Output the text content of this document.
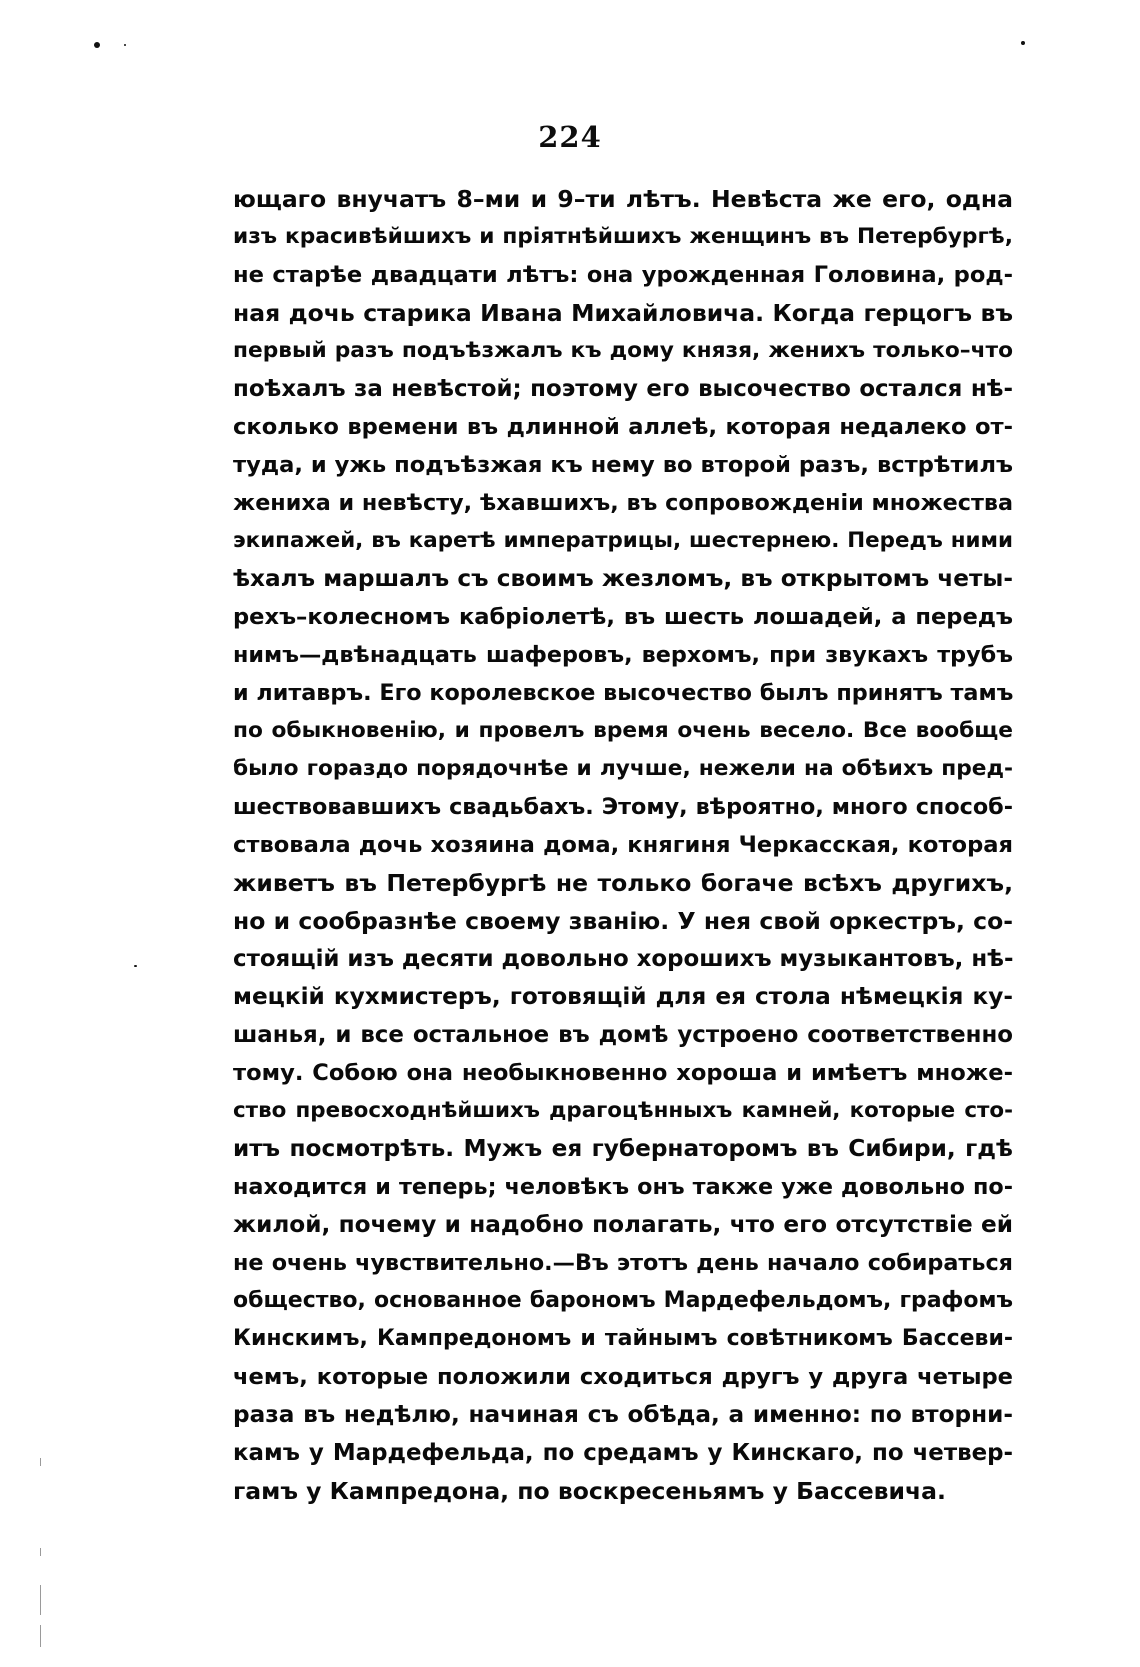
224
ющаго внучатъ 8–ми и 9–ти лѣтъ. Невѣста же его, одна
изъ красивѣйшихъ и пріятнѣйшихъ женщинъ въ Петербургѣ,
не старѣе двадцати лѣтъ: она урожденная Головина, род-
ная дочь старика Ивана Михайловича. Когда герцогъ въ
первый разъ подъѣзжалъ къ дому князя, женихъ только–что
поѣхалъ за невѣстой; поэтому его высочество остался нѣ-
сколько времени въ длинной аллеѣ, которая недалеко от-
туда, и ужь подъѣзжая къ нему во второй разъ, встрѣтилъ
жениха и невѣсту, ѣхавшихъ, въ сопровожденіи множества
экипажей, въ каретѣ императрицы, шестернею. Передъ ними
ѣхалъ маршалъ съ своимъ жезломъ, въ открытомъ четы-
рехъ–колесномъ кабріолетѣ, въ шесть лошадей, а передъ
нимъ—двѣнадцать шаферовъ, верхомъ, при звукахъ трубъ
и литавръ. Его королевское высочество былъ принятъ тамъ
по обыкновенію, и провелъ время очень весело. Все вообще
было гораздо порядочнѣе и лучше, нежели на обѣихъ пред-
шествовавшихъ свадьбахъ. Этому, вѣроятно, много способ-
ствовала дочь хозяина дома, княгиня Черкасская, которая
живетъ въ Петербургѣ не только богаче всѣхъ другихъ,
но и сообразнѣе своему званію. У нея свой оркестръ, со-
стоящій изъ десяти довольно хорошихъ музыкантовъ, нѣ-
мецкій кухмистеръ, готовящій для ея стола нѣмецкія ку-
шанья, и все остальное въ домѣ устроено соответственно
тому. Собою она необыкновенно хороша и имѣетъ множе-
ство превосходнѣйшихъ драгоцѣнныхъ камней, которые сто-
итъ посмотрѣть. Мужъ ея губернаторомъ въ Сибири, гдѣ
находится и теперь; человѣкъ онъ также уже довольно по-
жилой, почему и надобно полагать, что его отсутствіе ей
не очень чувствительно.—Въ этотъ день начало собираться
общество, основанное барономъ Мардефельдомъ, графомъ
Кинскимъ, Кампредономъ и тайнымъ совѣтникомъ Бассеви-
чемъ, которые положили сходиться другъ у друга четыре
раза въ недѣлю, начиная съ обѣда, а именно: по вторни-
камъ у Мардефельда, по средамъ у Кинскаго, по четвер-
гамъ у Кампредона, по воскресеньямъ у Бассевича.
